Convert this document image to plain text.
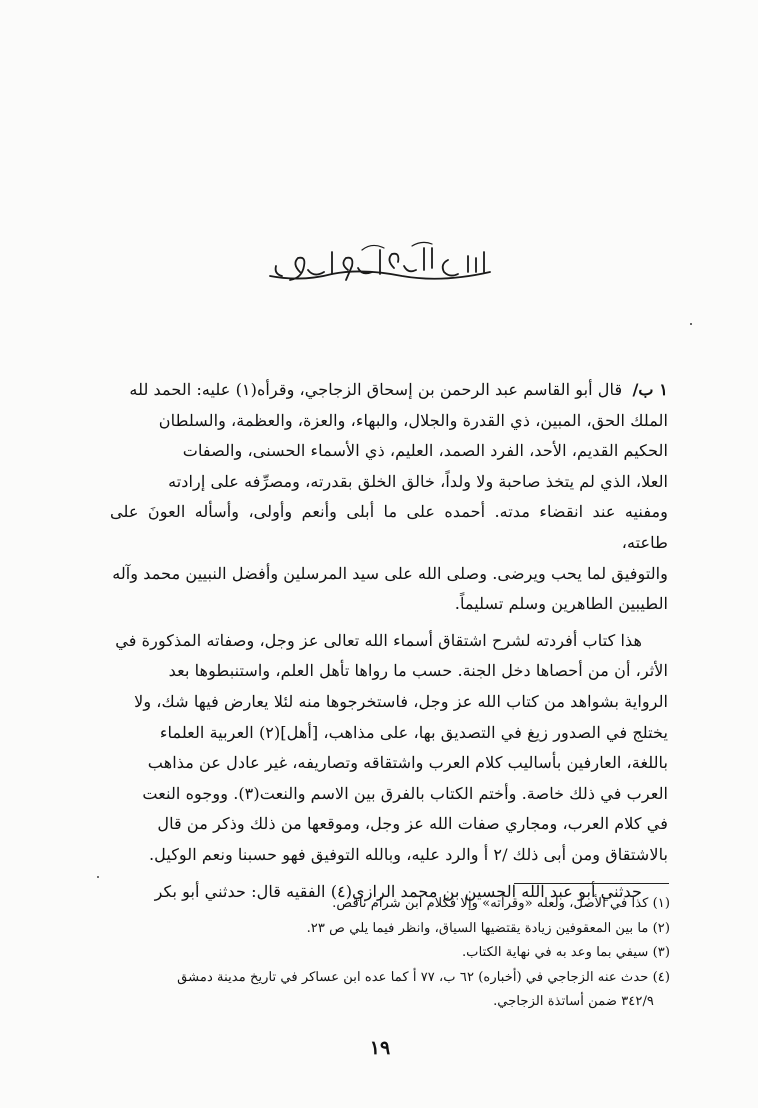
١ ب/  قال أبو القاسم عبد الرحمن بن إسحاق الزجاجي، وقرأه(١) عليه: الحمد لله

الملك الحق، المبين، ذي القدرة والجلال، والبهاء، والعزة، والعظمة، والسلطان

الحكيم القديم، الأحد، الفرد الصمد، العليم، ذي الأسماء الحسنى، والصفات

العلا، الذي لم يتخذ صاحبة ولا ولداً، خالق الخلق بقدرته، ومصرِّفه على إرادته

ومفنيه عند انقضاء مدته. أحمده على ما أبلى وأنعم وأولى، وأسأله العونَ على طاعته،

والتوفيق لما يحب ويرضى. وصلى الله على سيد المرسلين وأفضل النبيين محمد وآله

الطيبين الطاهرين وسلم تسليماً.

هذا كتاب أفردته لشرح اشتقاق أسماء الله تعالى عز وجل، وصفاته المذكورة في

الأثر، أن من أحصاها دخل الجنة. حسب ما رواها تأهل العلم، واستنبطوها بعد

الرواية بشواهد من كتاب الله عز وجل، فاستخرجوها منه لئلا يعارض فيها شك، ولا

يختلج في الصدور زيغ في التصديق بها، على مذاهب، [أهل](٢) العربية العلماء

باللغة، العارفين بأساليب كلام العرب واشتقاقه وتصاريفه، غير عادل عن مذاهب

العرب في ذلك خاصة. وأختم الكتاب بالفرق بين الاسم والنعت(٣). ووجوه النعت

في كلام العرب، ومجاري صفات الله عز وجل، وموقعها من ذلك وذكر من قال

بالاشتقاق ومن أبى ذلك /٢ أ والرد عليه، وبالله التوفيق فهو حسبنا ونعم الوكيل.

حدثني أبو عبد الله الحسين بن محمد الرازي(٤) الفقيه قال: حدثني أبو بكر

(١) كذا في الأصل، ولعله «وقرأته» وإلا فكلام ابن شرام ناقص.
(٢) ما بين المعقوفين زيادة يقتضيها السياق، وانظر فيما يلي ص ٢٣.
(٣) سيفي بما وعد به في نهاية الكتاب.
(٤) حدث عنه الزجاجي في (أخباره) ٦٢ ب، ٧٧ أ كما عده ابن عساكر في تاريخ مدينة دمشق
٣٤٢/٩ ضمن أساتذة الزجاجي.
١٩
